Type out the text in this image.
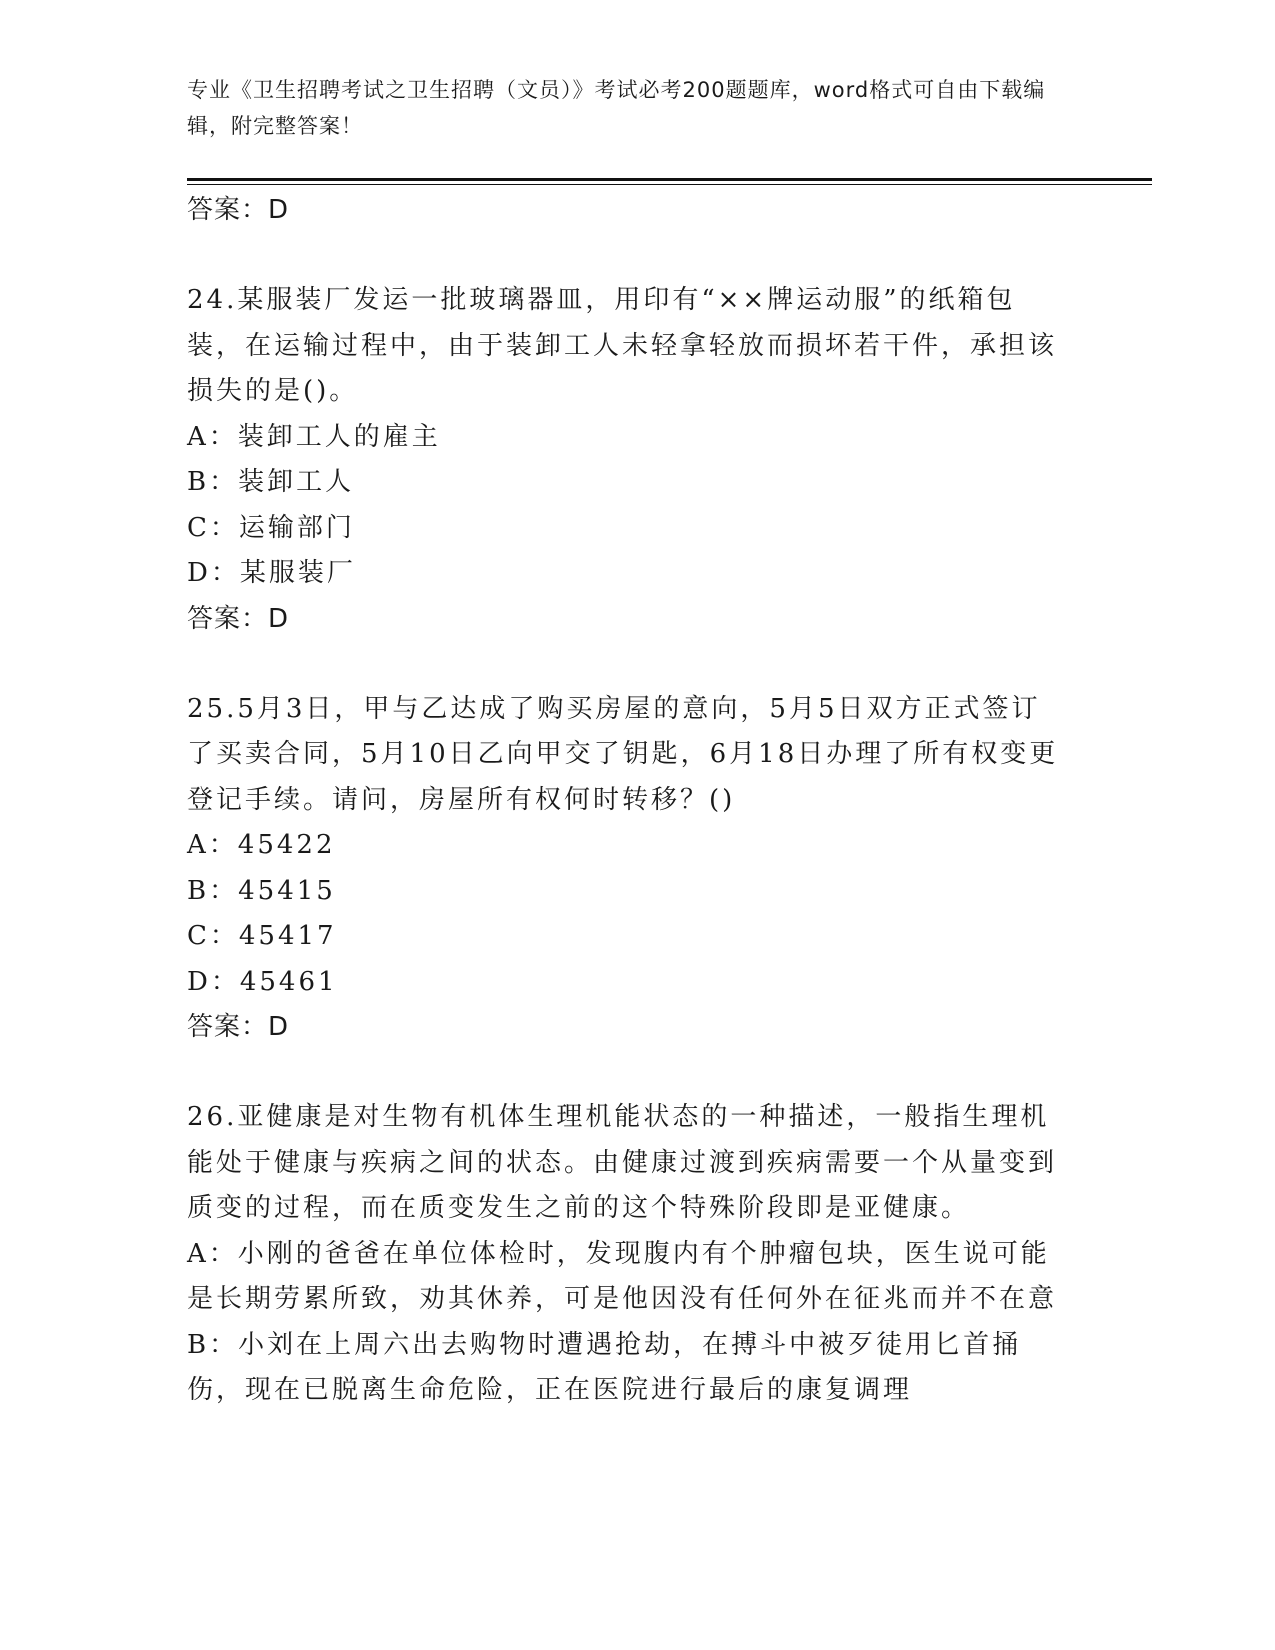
专业《卫生招聘考试之卫生招聘（文员）》考试必考200题题库，word格式可自由下载编辑，附完整答案！
答案：D
24.某服装厂发运一批玻璃器皿，用印有“××牌运动服”的纸箱包装，在运输过程中，由于装卸工人未轻拿轻放而损坏若干件，承担该损失的是()。
A：装卸工人的雇主
B：装卸工人
C：运输部门
D：某服装厂
答案：D
25.5月3日，甲与乙达成了购买房屋的意向，5月5日双方正式签订了买卖合同，5月10日乙向甲交了钥匙，6月18日办理了所有权变更登记手续。请问，房屋所有权何时转移？()
A：45422
B：45415
C：45417
D：45461
答案：D
26.亚健康是对生物有机体生理机能状态的一种描述，一般指生理机能处于健康与疾病之间的状态。由健康过渡到疾病需要一个从量变到质变的过程，而在质变发生之前的这个特殊阶段即是亚健康。
A：小刚的爸爸在单位体检时，发现腹内有个肿瘤包块，医生说可能是长期劳累所致，劝其休养，可是他因没有任何外在征兆而并不在意
B：小刘在上周六出去购物时遭遇抢劫，在搏斗中被歹徒用匕首捅伤，现在已脱离生命危险，正在医院进行最后的康复调理
